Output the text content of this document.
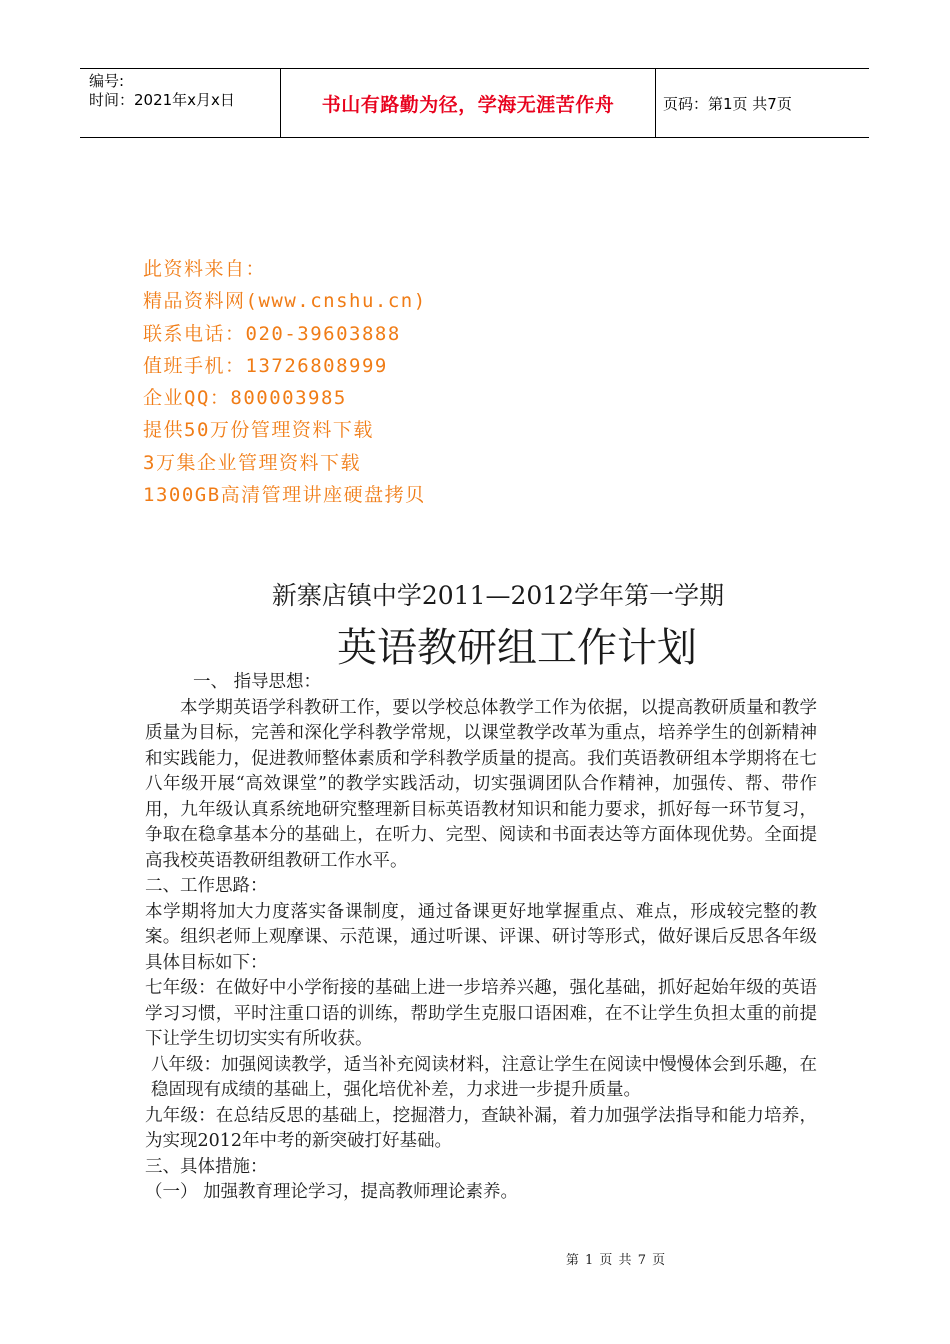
编号:
时间：2021年x月x日	书山有路勤为径，学海无涯苦作舟	页码：第1页 共7页
此资料来自：
精品资料网(www.cnshu.cn)
联系电话：020-39603888
值班手机：13726808999
企业QQ：800003985
提供50万份管理资料下载
3万集企业管理资料下载
1300GB高清管理讲座硬盘拷贝
新寨店镇中学2011—2012学年第一学期
英语教研组工作计划

一、 指导思想：

本学期英语学科教研工作，要以学校总体教学工作为依据，以提高教研质量和教学质量为目标，完善和深化学科教学常规，以课堂教学改革为重点，培养学生的创新精神和实践能力，促进教师整体素质和学科教学质量的提高。我们英语教研组本学期将在七八年级开展“高效课堂”的教学实践活动，切实强调团队合作精神，加强传、帮、带作用，九年级认真系统地研究整理新目标英语教材知识和能力要求，抓好每一环节复习，争取在稳拿基本分的基础上，在听力、完型、阅读和书面表达等方面体现优势。全面提高我校英语教研组教研工作水平。

二、工作思路：

本学期将加大力度落实备课制度，通过备课更好地掌握重点、难点，形成较完整的教案。组织老师上观摩课、示范课，通过听课、评课、研讨等形式，做好课后反思各年级具体目标如下：

七年级：在做好中小学衔接的基础上进一步培养兴趣，强化基础，抓好起始年级的英语学习习惯，平时注重口语的训练，帮助学生克服口语困难，在不让学生负担太重的前提下让学生切切实实有所收获。

八年级：加强阅读教学，适当补充阅读材料，注意让学生在阅读中慢慢体会到乐趣，在稳固现有成绩的基础上，强化培优补差，力求进一步提升质量。

九年级：在总结反思的基础上，挖掘潜力，查缺补漏，着力加强学法指导和能力培养，为实现2012年中考的新突破打好基础。

三、具体措施：

（一） 加强教育理论学习，提高教师理论素养。

第 1 页 共 7 页
